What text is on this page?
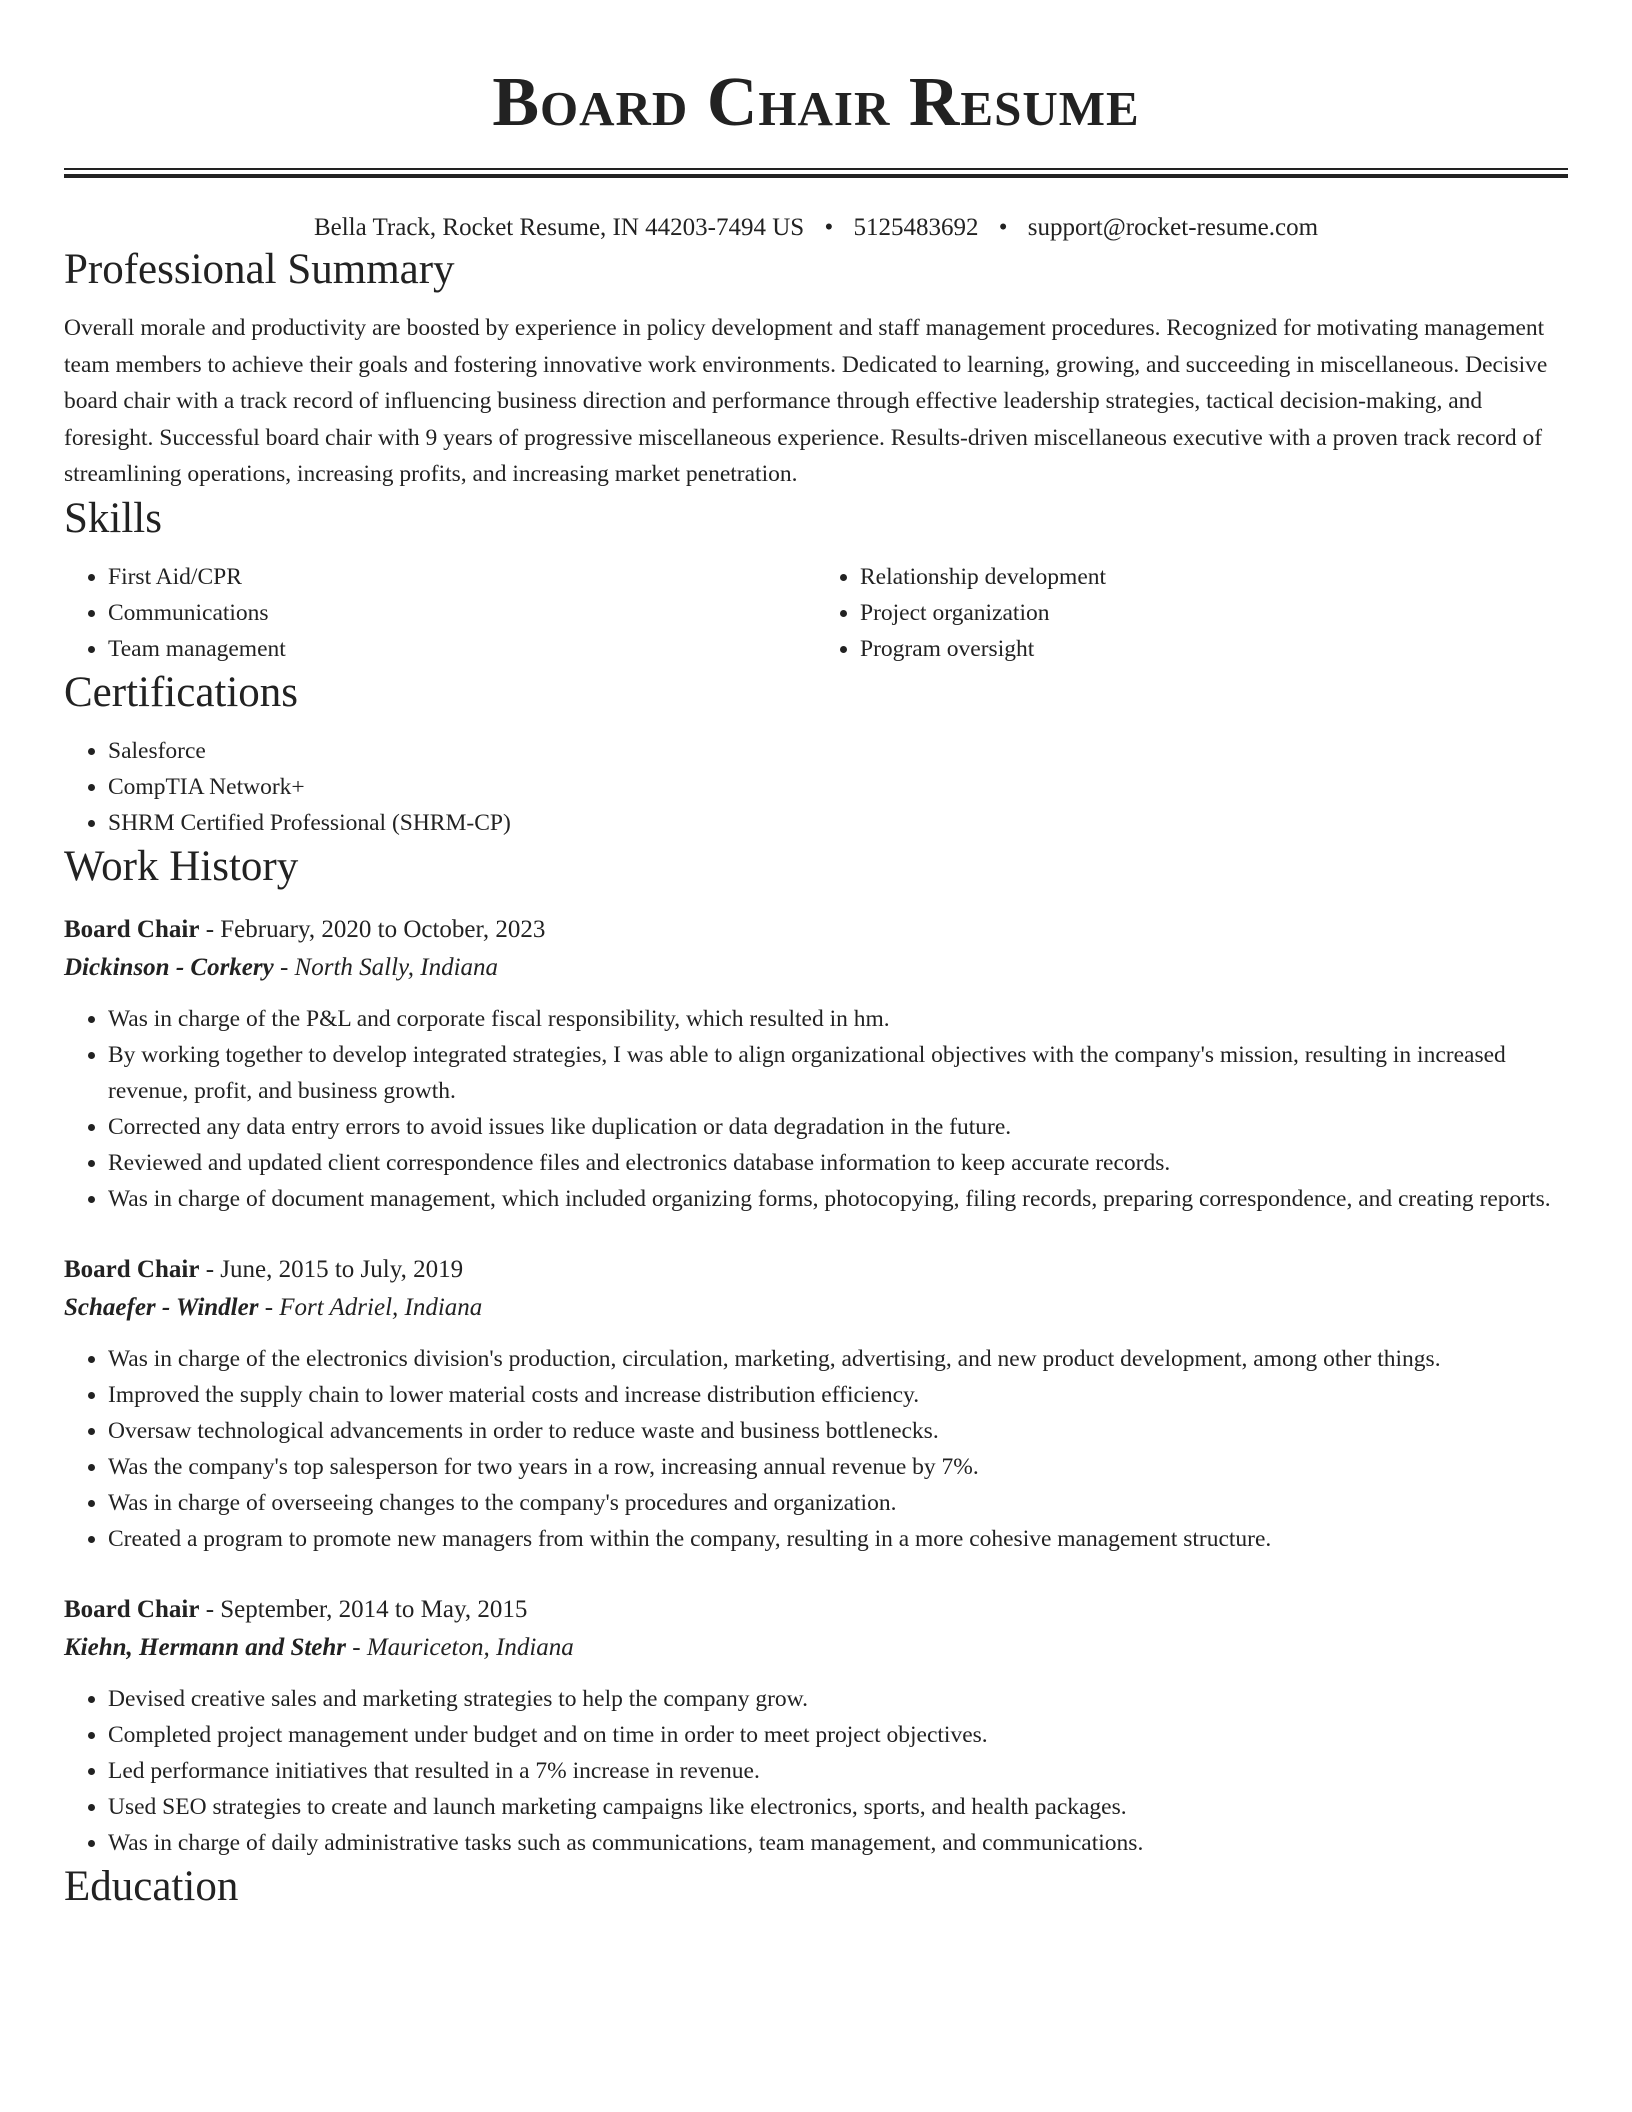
Board Chair Resume
Bella Track, Rocket Resume, IN 44203-7494 US • 5125483692 • support@rocket-resume.com
Professional Summary

Overall morale and productivity are boosted by experience in policy development and staff management procedures. Recognized for motivating management team members to achieve their goals and fostering innovative work environments. Dedicated to learning, growing, and succeeding in miscellaneous. Decisive board chair with a track record of influencing business direction and performance through effective leadership strategies, tactical decision-making, and foresight. Successful board chair with 9 years of progressive miscellaneous experience. Results-driven miscellaneous executive with a proven track record of streamlining operations, increasing profits, and increasing market penetration.

Skills
• First Aid/CPR
• Communications
• Team management
• Relationship development
• Project organization
• Program oversight
Certifications
• Salesforce
• CompTIA Network+
• SHRM Certified Professional (SHRM-CP)
Work History
Board Chair - February, 2020 to October, 2023
Dickinson - Corkery - North Sally, Indiana
• Was in charge of the P&L and corporate fiscal responsibility, which resulted in hm.
• By working together to develop integrated strategies, I was able to align organizational objectives with the company's mission, resulting in increased revenue, profit, and business growth.
• Corrected any data entry errors to avoid issues like duplication or data degradation in the future.
• Reviewed and updated client correspondence files and electronics database information to keep accurate records.
• Was in charge of document management, which included organizing forms, photocopying, filing records, preparing correspondence, and creating reports.
Board Chair - June, 2015 to July, 2019
Schaefer - Windler - Fort Adriel, Indiana
• Was in charge of the electronics division's production, circulation, marketing, advertising, and new product development, among other things.
• Improved the supply chain to lower material costs and increase distribution efficiency.
• Oversaw technological advancements in order to reduce waste and business bottlenecks.
• Was the company's top salesperson for two years in a row, increasing annual revenue by 7%.
• Was in charge of overseeing changes to the company's procedures and organization.
• Created a program to promote new managers from within the company, resulting in a more cohesive management structure.
Board Chair - September, 2014 to May, 2015
Kiehn, Hermann and Stehr - Mauriceton, Indiana
• Devised creative sales and marketing strategies to help the company grow.
• Completed project management under budget and on time in order to meet project objectives.
• Led performance initiatives that resulted in a 7% increase in revenue.
• Used SEO strategies to create and launch marketing campaigns like electronics, sports, and health packages.
• Was in charge of daily administrative tasks such as communications, team management, and communications.
Education
